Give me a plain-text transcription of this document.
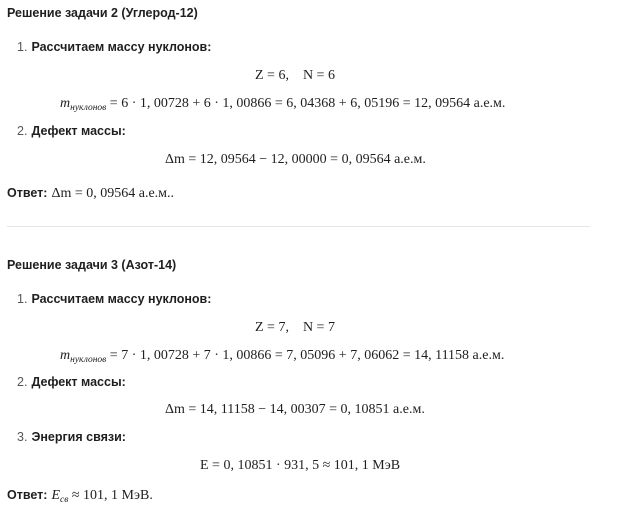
Решение задачи 2 (Углерод-12)
1. Рассчитаем массу нуклонов:
Z = 6,    N = 6
$m_{нуклонов} = 6 \cdot 1$, 00728 + 6 · 1, 00866 = 6, 04368 + 6, 05196 = 12, 09564 а.е.м.
2. Дефект массы:
Δm = 12, 09564 − 12, 00000 = 0, 09564 а.е.м.
Ответ: Δm = 0, 09564 а.е.м..
Решение задачи 3 (Азот-14)
1. Рассчитаем массу нуклонов:
Z = 7,    N = 7
$m_{нуклонов} = 7 \cdot 1$, 00728 + 7 · 1, 00866 = 7, 05096 + 7, 06062 = 14, 11158 а.е.м.
2. Дефект массы:
Δm = 14, 11158 − 14, 00307 = 0, 10851 а.е.м.
3. Энергия связи:
E = 0, 10851 · 931, 5 ≈ 101, 1 МэВ
Ответ: $E_{св} \approx 101$, 1 МэВ.
